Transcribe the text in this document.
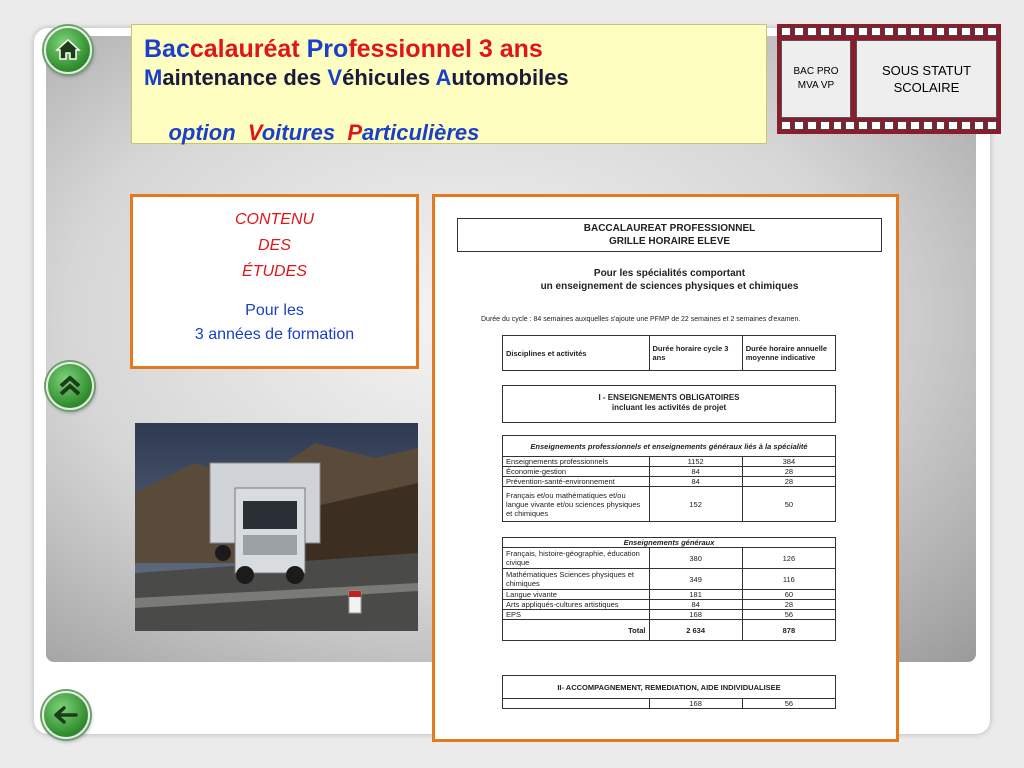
Baccalauréat Professionnel 3 ans
Maintenance des Véhicules Automobiles

option  Voitures  Particulières

BAC PRO
MVA VP
SOUS STATUT
SCOLAIRE
CONTENU
DES
ÉTUDES
Pour les
3 années de formation
BACCALAUREAT PROFESSIONNEL
GRILLE HORAIRE ELEVE
Pour les spécialités comportant
un enseignement de sciences physiques et chimiques
Durée du cycle : 84 semaines auxquelles s'ajoute une PFMP de 22 semaines et 2 semaines d'examen.
Disciplines et activités	Durée horaire cycle 3 ans	Durée horaire annuelle moyenne indicative
I - ENSEIGNEMENTS OBLIGATOIRES
incluant les activités de projet
Enseignements professionnels et enseignements généraux liés à la spécialité		
Enseignements professionnels	1152	384
Économie-gestion	84	28
Prévention-santé-environnement	84	28
Français et/ou mathématiques et/ou langue vivante et/ou sciences physiques et chimiques	152	50
Enseignements généraux		
Français, histoire-géographie, éducation civique	380	126
Mathématiques Sciences physiques et chimiques	349	116
Langue vivante	181	60
Arts appliqués-cultures artistiques	84	28
EPS	168	56
Total	2 634	878
II- ACCOMPAGNEMENT, REMEDIATION, AIDE INDIVIDUALISEE
	168	56
